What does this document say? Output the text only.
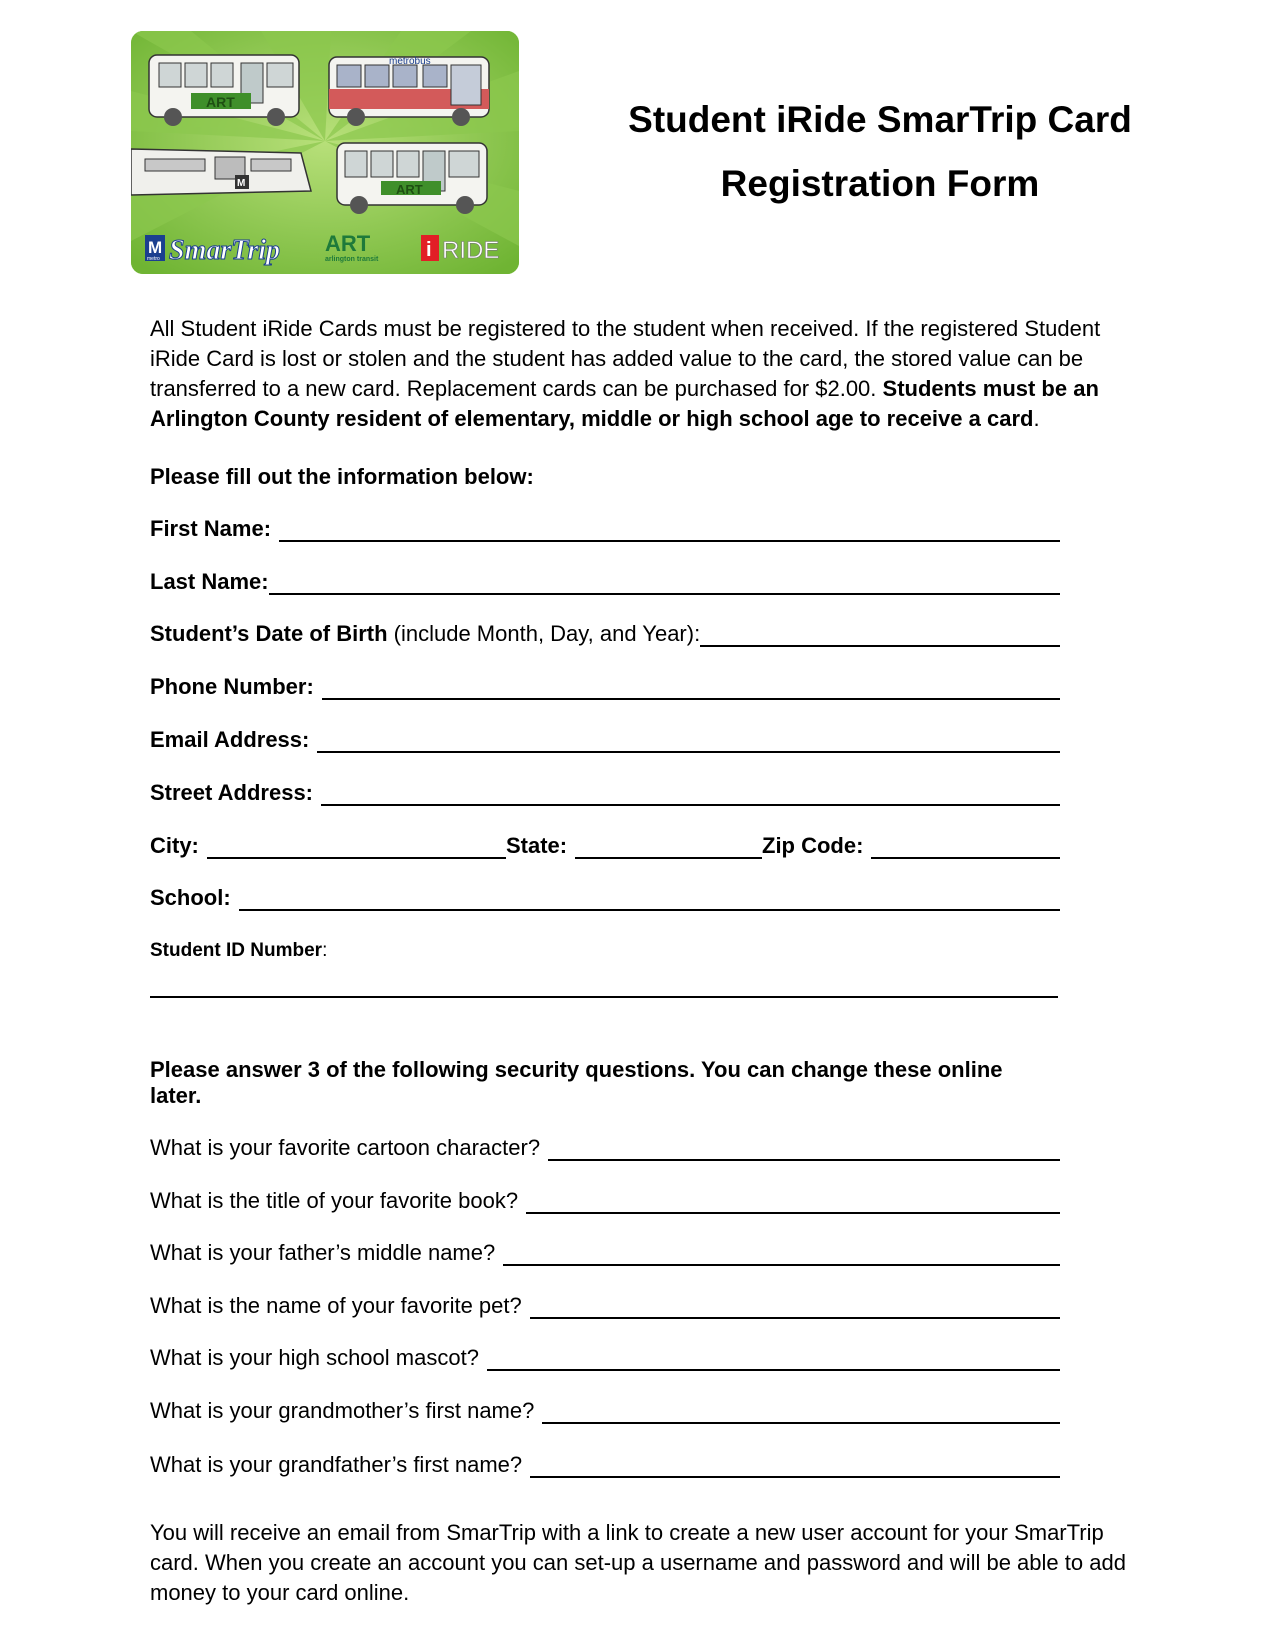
ART
metrobus
M	ART
M
metro SmarTrip ART
arlington transit i RIDE
Student iRide SmarTrip Card
Registration Form
All Student iRide Cards must be registered to the student when received. If the registered Student iRide Card is lost or stolen and the student has added value to the card, the stored value can be transferred to a new card. Replacement cards can be purchased for $2.00. Students must be an Arlington County resident of elementary, middle or high school age to receive a card.
Please fill out the information below:
First Name:
Last Name:
Student’s Date of Birth (include Month, Day, and Year):
Phone Number:
Email Address:
Street Address:
City:	State:	Zip Code:
School:
Student ID Number:
Please answer 3 of the following security questions. You can change these online later.
What is your favorite cartoon character?
What is the title of your favorite book?
What is your father’s middle name?
What is the name of your favorite pet?
What is your high school mascot?
What is your grandmother’s first name?
What is your grandfather’s first name?
You will receive an email from SmarTrip with a link to create a new user account for your SmarTrip card. When you create an account you can set-up a username and password and will be able to add money to your card online.
